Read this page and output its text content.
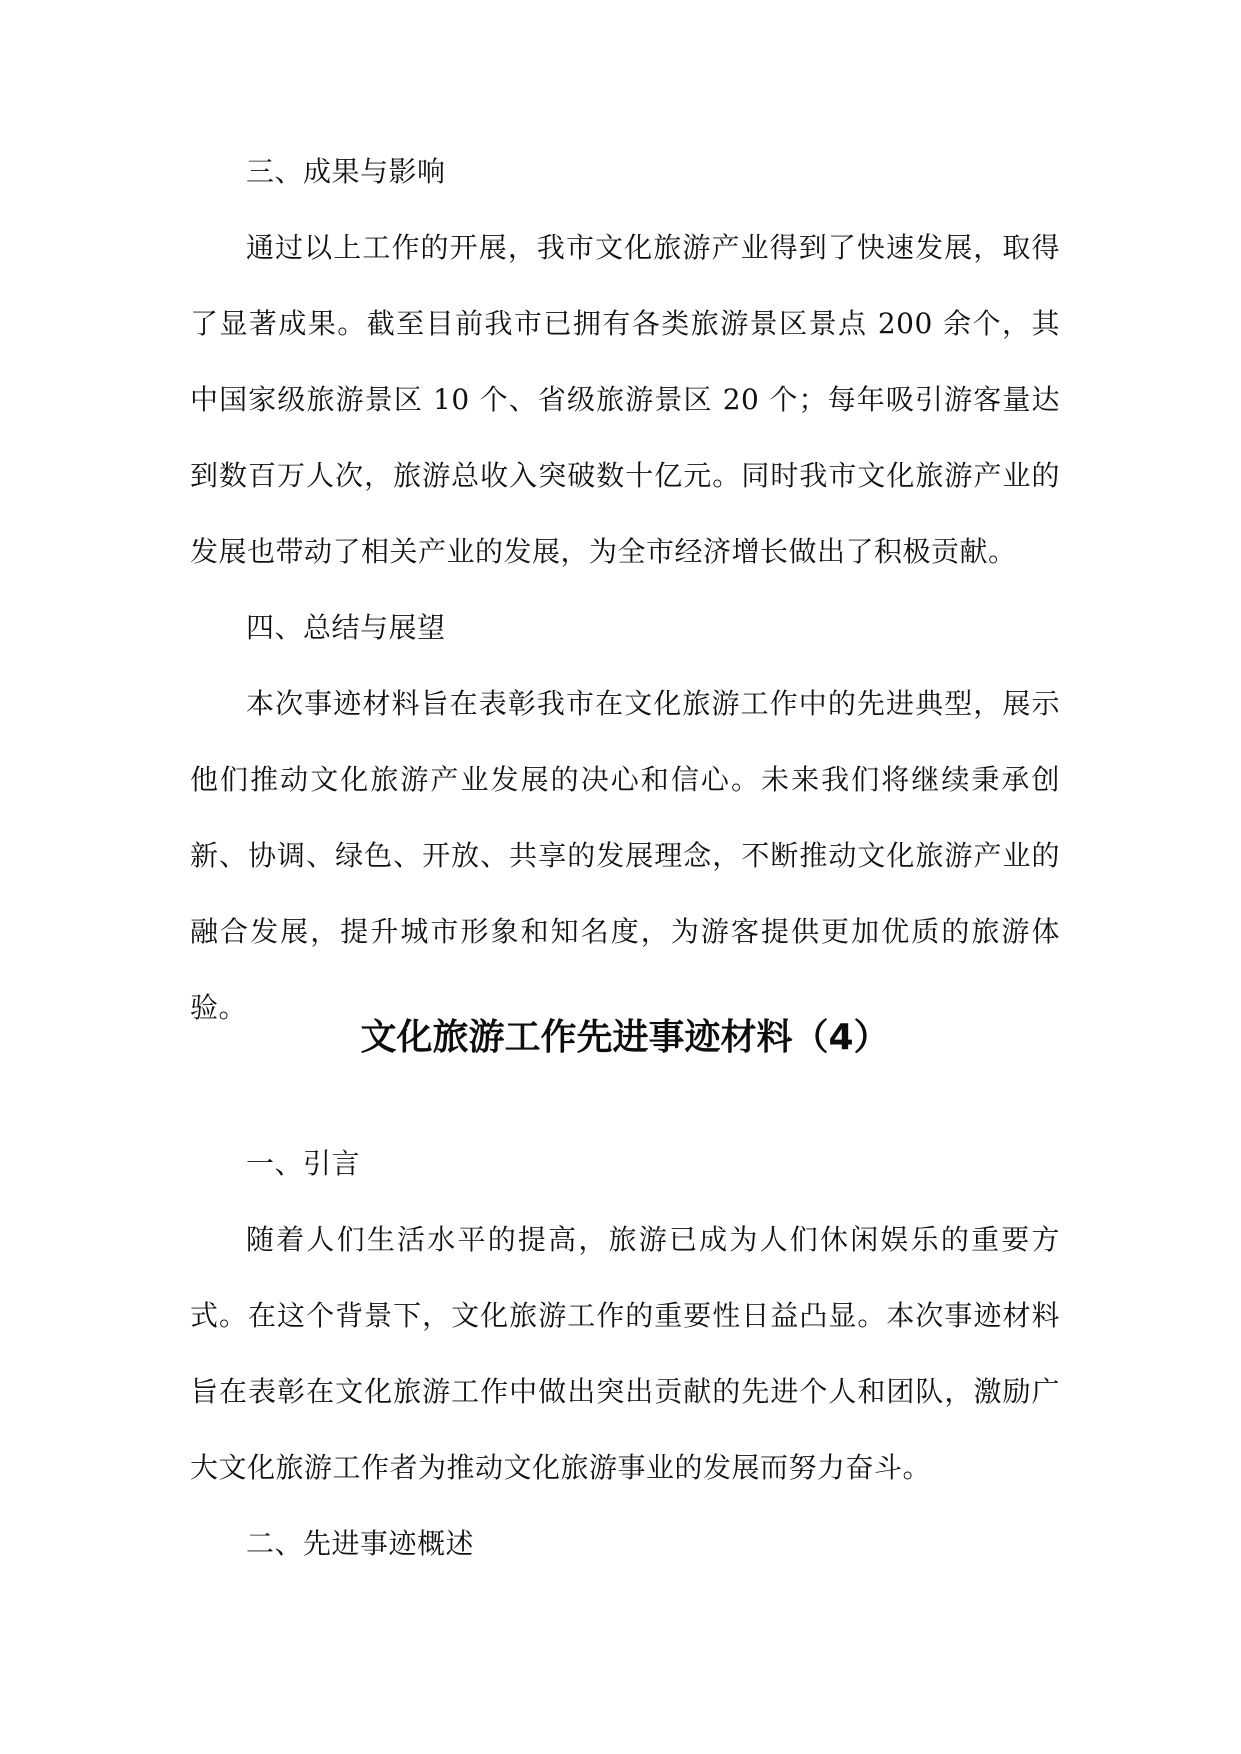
三、成果与影响

通过以上工作的开展，我市文化旅游产业得到了快速发展，取得了显著成果。截至目前我市已拥有各类旅游景区景点 200 余个，其中国家级旅游景区 10 个、省级旅游景区 20 个；每年吸引游客量达到数百万人次，旅游总收入突破数十亿元。同时我市文化旅游产业的发展也带动了相关产业的发展，为全市经济增长做出了积极贡献。

四、总结与展望

本次事迹材料旨在表彰我市在文化旅游工作中的先进典型，展示他们推动文化旅游产业发展的决心和信心。未来我们将继续秉承创新、协调、绿色、开放、共享的发展理念，不断推动文化旅游产业的融合发展，提升城市形象和知名度，为游客提供更加优质的旅游体验。

文化旅游工作先进事迹材料（4）

一、引言

随着人们生活水平的提高，旅游已成为人们休闲娱乐的重要方式。在这个背景下，文化旅游工作的重要性日益凸显。本次事迹材料旨在表彰在文化旅游工作中做出突出贡献的先进个人和团队，激励广大文化旅游工作者为推动文化旅游事业的发展而努力奋斗。

二、先进事迹概述
